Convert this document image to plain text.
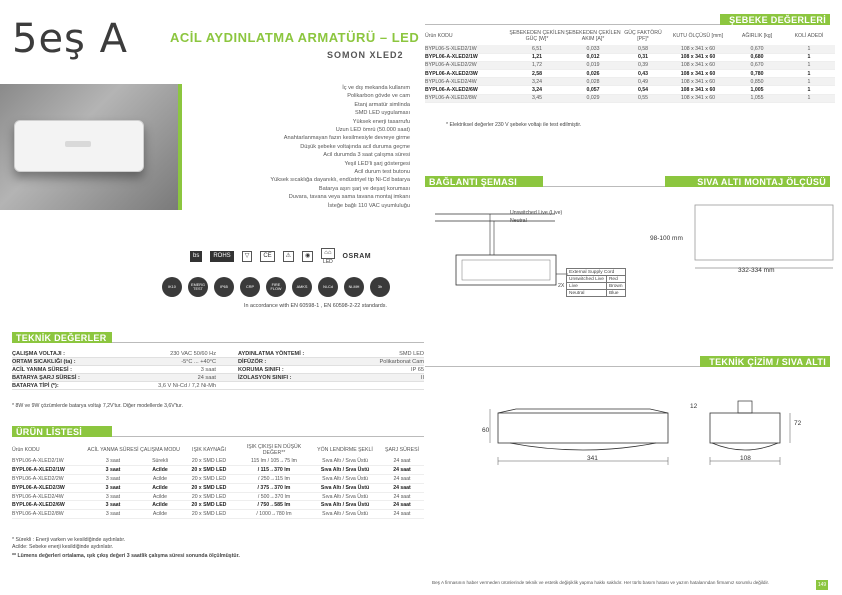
5eş A	ACİL AYDINLATMA ARMATÜRÜ – LED
SOMON XLED2
İç ve dış mekanda kullanım
Polikarbon gövde ve cam
Etanj armatür simlinda
SMD LED uygulaması
Yüksek enerji tasarrufu
Uzun LED ömrü (50.000 saat)
Anahtarlanmayan fazın kesilmesiyle devreye girme
Düşük şebeke voltajında acil duruma geçme
Acil durumda 3 saat çalışma süresi
Yeşil LED'li şarj göstergesi
Acil durum test butonu
Yüksek sıcaklığa dayanıklı, endüstriyel tip Ni-Cd batarya
Batarya aşırı şarj ve deşarj koruması
Duvara, tavana veya sama tavana montaj imkanı
İsteğe bağlı 110 VAC uyumluluğu
bs	ROHS	▽	CE	⚠	◉	⌂⌂
LED
OSRAM
IK10
EMERG TEST
IP65	CRP
FIRE FLOW
AMKS	Ni-Cd	Ni-MH	3h
In accordance with EN 60598-1 , EN 60598-2-22 standards.
TEKNİK DEĞERLER
ÇALIŞMA VOLTAJI :	230 VAC 50/60 Hz	AYDINLATMA YÖNTEMİ :	SMD LED
ORTAM SICAKLIĞI (ta) :	-5°C ... +40°C	DİFÜZÖR :	Polikarbonat Cam
ACİL YANMA SÜRESİ :	3 saat	KORUMA SINIFI :	IP 65
BATARYA ŞARJ SÜRESİ :	24 saat	İZOLASYON SINIFI :	II
BATARYA TİPİ (*):	3,6 V Ni-Cd / 7,2 Ni-Mh
* 8W ve 9W çözümlerde batarya voltajı 7,2V'tur. Diğer modellerde 3,6V'tur.
ÜRÜN LİSTESİ
Ürün KODU	ACİL YANMA SÜRESİ	ÇALIŞMA MODU	IŞIK KAYNAĞI	IŞIK ÇIKIŞI EN DÜŞÜK DEĞER**	YÖN LENDİRME ŞEKLİ	ŞARJ SÜRESİ
BYPL06-A-XLED2/1W	3 saat	Sürekli	20 x SMD LED	115 lm / 105→75 lm	Sıva Altı / Sıva Üstü	24 saat
BYPL06-A-XLED2/1W	3 saat	Acilde	20 x SMD LED	/ 115→370 lm	Sıva Altı / Sıva Üstü	24 saat
BYPL06-A-XLED2/2W	3 saat	Acilde	20 x SMD LED	/ 250→115 lm	Sıva Altı / Sıva Üstü	24 saat
BYPL06-A-XLED2/3W	3 saat	Acilde	20 x SMD LED	/ 375→370 lm	Sıva Altı / Sıva Üstü	24 saat
BYPL06-A-XLED2/4W	3 saat	Acilde	20 x SMD LED	/ 500→370 lm	Sıva Altı / Sıva Üstü	24 saat
BYPL06-A-XLED2/6W	3 saat	Acilde	20 x SMD LED	/ 750→585 lm	Sıva Altı / Sıva Üstü	24 saat
BYPL06-A-XLED2/8W	3 saat	Acilde	20 x SMD LED	/ 1000→780 lm	Sıva Altı / Sıva Üstü	24 saat
* Sürekli : Enerji varken ve kesildiğinde aydınlatır.
Acilde: Sebeke enerji kesildiğinde aydınlatır.
** Lümens değerleri ortalama, ışık çıkış değeri 3 saatlik çalışma süresi sonunda ölçülmüştür.
ŞEBEKE DEĞERLERİ
Ürün KODU	ŞEBEKEDEN ÇEKİLEN GÜÇ [W]*	ŞEBEKEDEN ÇEKİLEN AKIM [A]*	GÜÇ FAKTÖRÜ [PF]*	KUTU ÖLÇÜSÜ [mm]	AĞIRLIK [kg]	KOLİ ADEDİ
BYPL06-S-XLED2/1W	6,51	0,033	0,58	108 x 341 x 60	0,670	1
BYPL06-A-XLED2/1W	1,21	0,012	0,31	108 x 341 x 60	0,680	1
BYPL06-A-XLED2/2W	1,72	0,019	0,39	108 x 341 x 60	0,670	1
BYPL06-A-XLED2/3W	2,58	0,026	0,43	108 x 341 x 60	0,780	1
BYPL06-A-XLED2/4W	3,24	0,028	0,49	108 x 341 x 60	0,850	1
BYPL06-A-XLED2/6W	3,24	0,057	0,54	108 x 341 x 60	1,005	1
BYPL06-A-XLED2/8W	3,45	0,029	0,55	108 x 341 x 60	1,055	1
* Elektriksel değerler 230 V şebeke voltajı ile test edilmiştir.
BAĞLANTI ŞEMASI	SIVA ALTI MONTAJ ÖLÇÜSÜ
Unswitched Live (Live)
Neutral
2X
External Supply Cord	
Unswitched Live	Red
Live	Brown
Neutral	Blue
98-100 mm
332-334 mm
TEKNİK ÇİZİM / SIVA ALTI
60
341
12
72
108
Beş A firmasının haber vermeden ürünlerinde teknik ve estetik değişiklik yapma hakkı saklıdır. Her türlü basım hatası ve yazım hatalarından firmamız sorumlu değildir.	149
